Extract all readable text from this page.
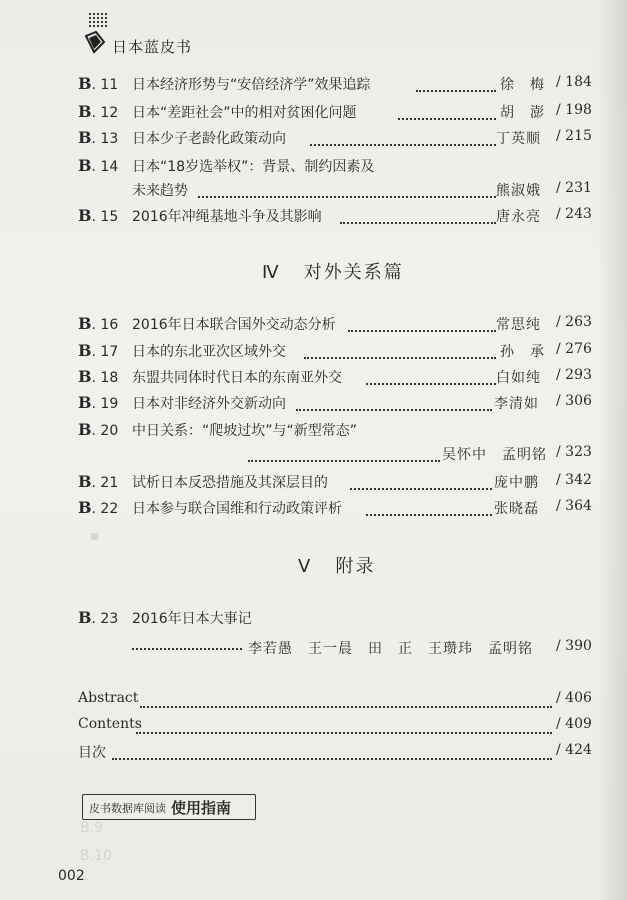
日本蓝皮书
B. 11 日本经济形势与“安倍经济学”效果追踪	徐　梅 / 184
B. 12 日本“差距社会”中的相对贫困化问题	胡　澎 / 198
B. 13 日本少子老龄化政策动向	丁英顺 / 215
B. 14 日本“18岁选举权”：背景、制约因素及
未来趋势	熊淑娥 / 231
B. 15 2016年冲绳基地斗争及其影响	唐永亮 / 243
Ⅳ 对外关系篇
B. 16 2016年日本联合国外交动态分析	常思纯 / 263
B. 17 日本的东北亚次区域外交	孙　承 / 276
B. 18 东盟共同体时代日本的东南亚外交	白如纯 / 293
B. 19 日本对非经济外交新动向	李清如 / 306
B. 20 中日关系：“爬坡过坎”与“新型常态”
吴怀中　孟明铭 / 323
B. 21 试析日本反恐措施及其深层目的	庞中鹏 / 342
B. 22 日本参与联合国维和行动政策评析	张晓磊 / 364
▪
Ⅴ 附录
B. 23 2016年日本大事记
李若愚　王一晨　田　正　王瓒玮　孟明铭 / 390
Abstract	/ 406
Contents	/ 409
目次	/ 424
皮书数据库阅读 使用指南
B.9
B.10
002
